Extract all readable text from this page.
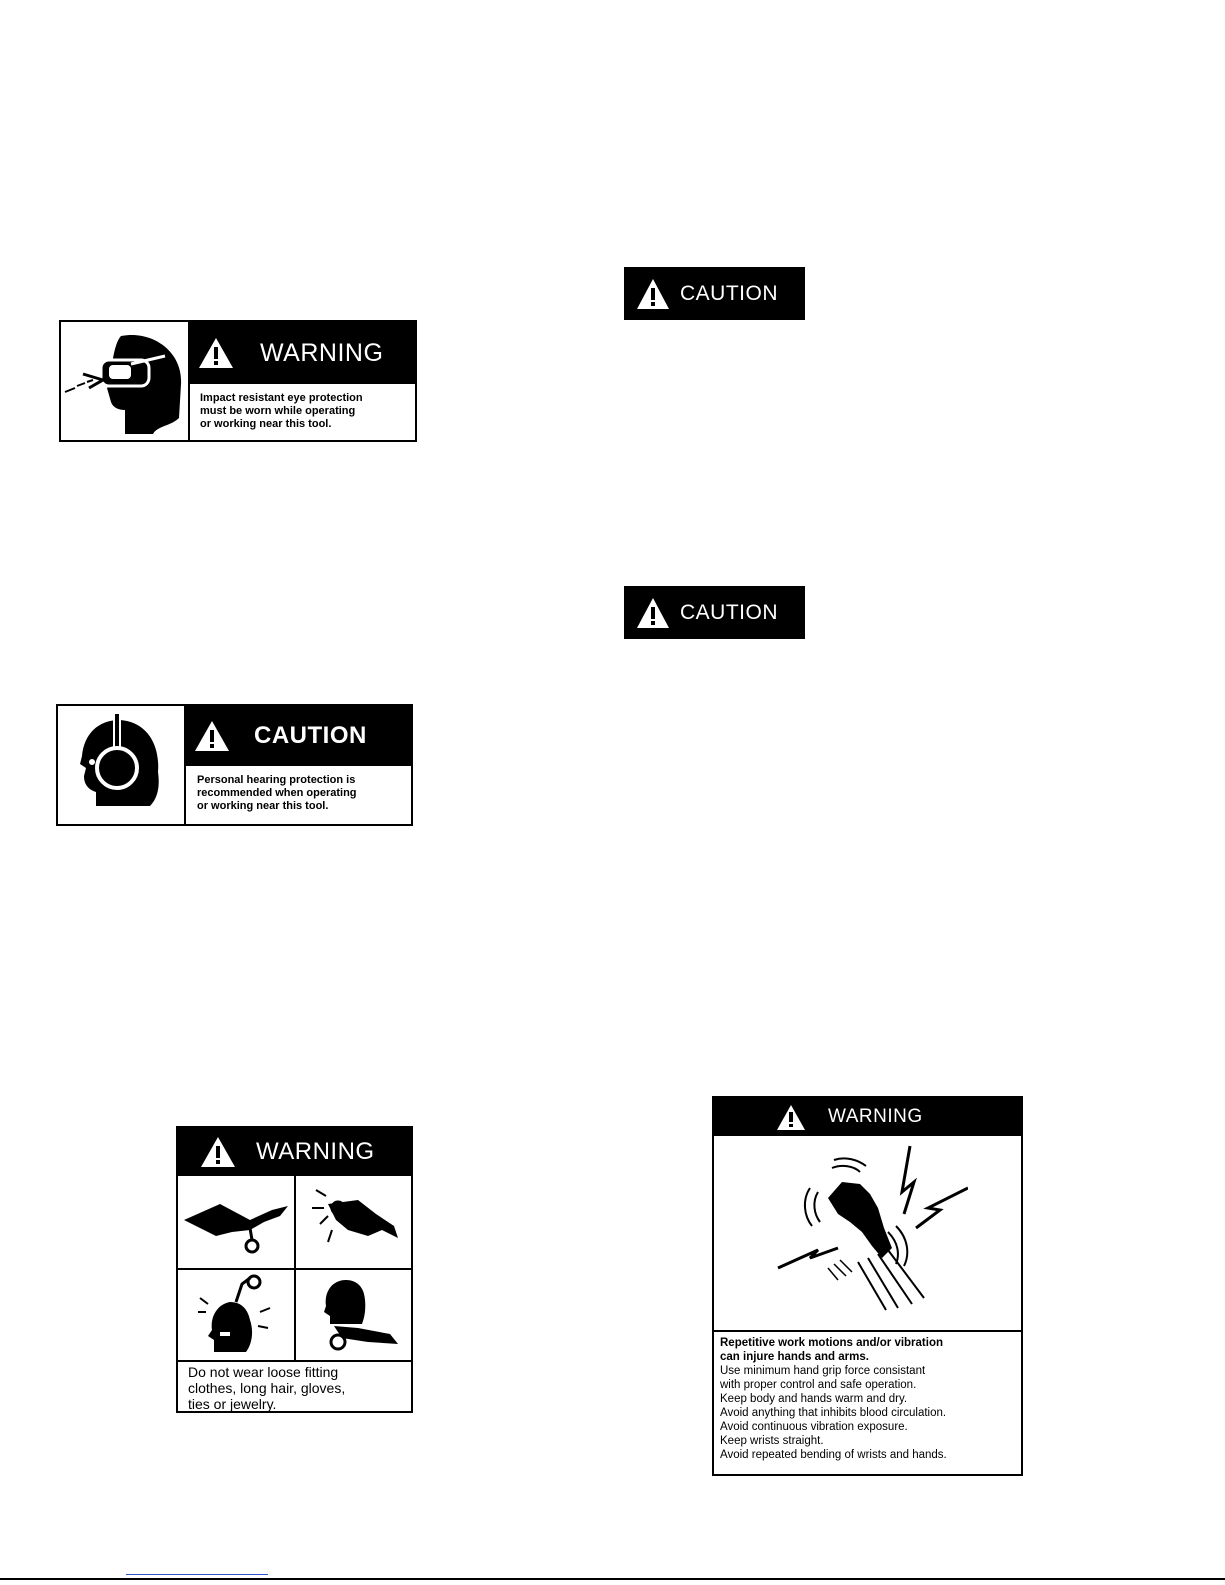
WARNING
Impact resistant eye protection
must be worn while operating
or working near this tool.
CAUTION
Personal hearing protection is
recommended when operating
or working near this tool.
CAUTION
CAUTION
WARNING
Do not wear loose fitting
clothes, long hair, gloves,
ties or jewelry.
WARNING
Repetitive work motions and/or vibration
can injure hands and arms.
Use minimum hand grip force consistant
with proper control and safe operation.
Keep body and hands warm and dry.
Avoid anything that inhibits blood circulation.
Avoid continuous vibration exposure.
Keep wrists straight.
Avoid repeated bending of wrists and hands.
